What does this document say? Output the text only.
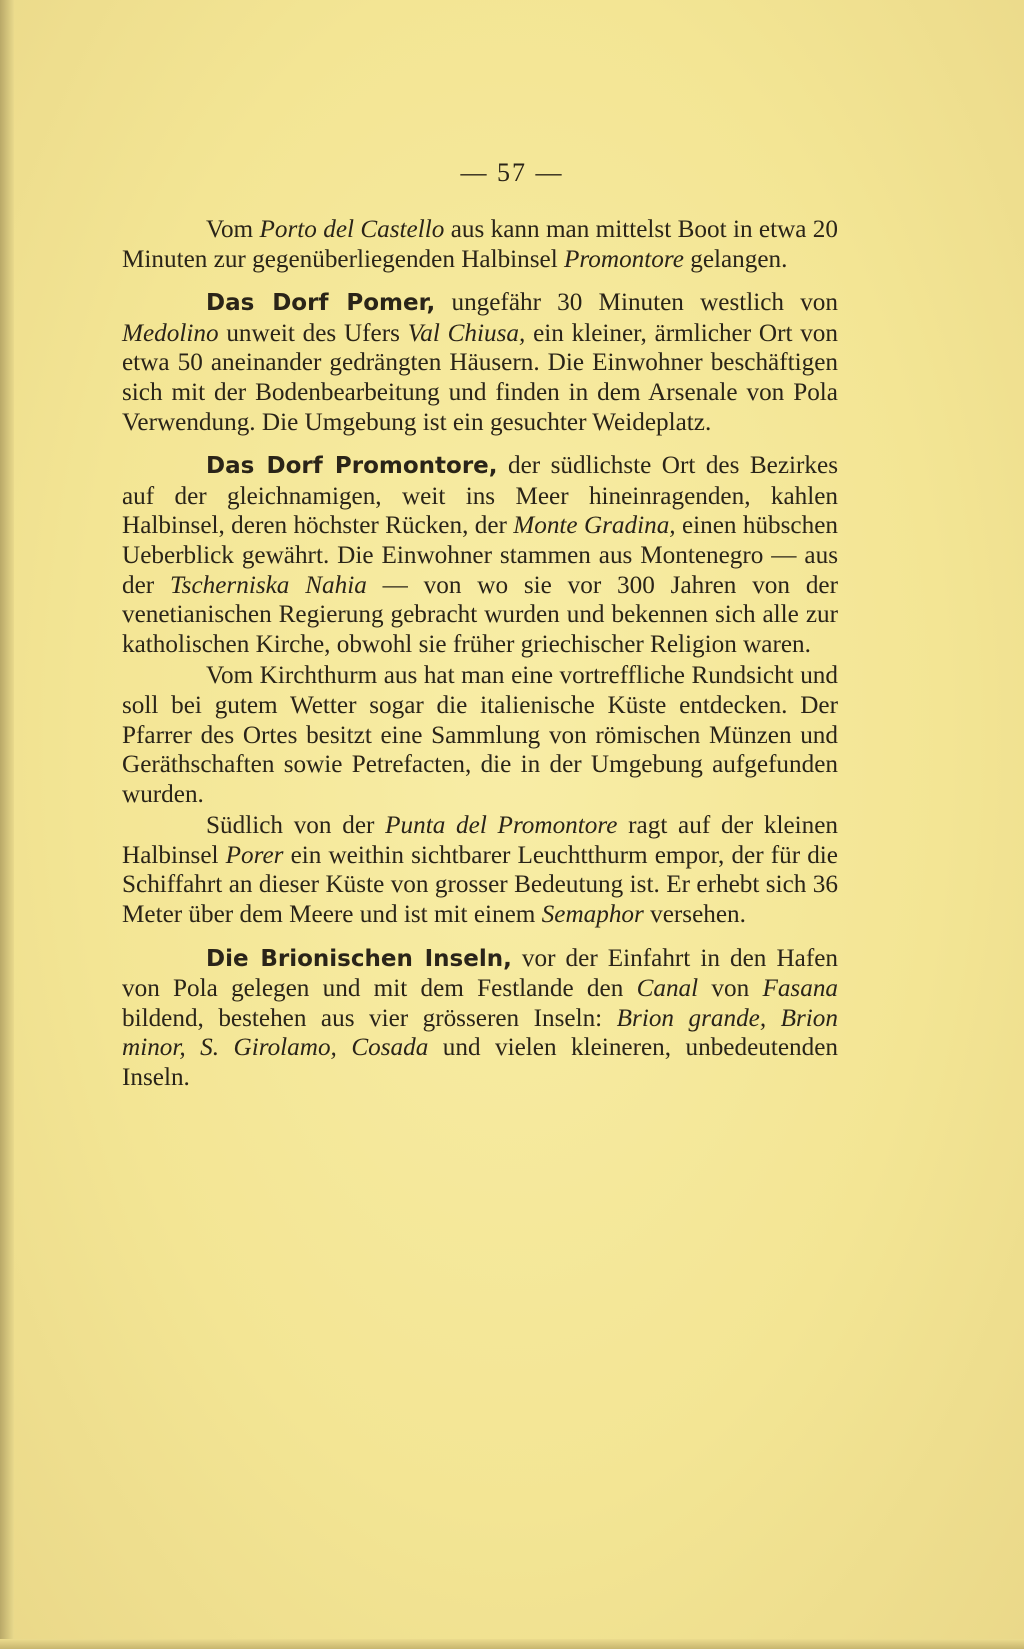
— 57 —

Vom Porto del Castello aus kann man mittelst Boot in etwa 20 Minuten zur gegenüberliegenden Halbinsel Promontore gelangen.

Das Dorf Pomer, ungefähr 30 Minuten westlich von Medolino unweit des Ufers Val Chiusa, ein kleiner, ärmlicher Ort von etwa 50 aneinander gedrängten Häusern. Die Einwohner beschäftigen sich mit der Bodenbearbeitung und finden in dem Arsenale von Pola Verwendung. Die Umgebung ist ein gesuchter Weideplatz.

Das Dorf Promontore, der südlichste Ort des Bezirkes auf der gleichnamigen, weit ins Meer hineinragenden, kahlen Halbinsel, deren höchster Rücken, der Monte Gradina, einen hübschen Ueberblick gewährt. Die Einwohner stammen aus Montenegro — aus der Tscherniska Nahia — von wo sie vor 300 Jahren von der venetianischen Regierung gebracht wurden und bekennen sich alle zur katholischen Kirche, obwohl sie früher griechischer Religion waren.

Vom Kirchthurm aus hat man eine vortreffliche Rundsicht und soll bei gutem Wetter sogar die italienische Küste entdecken. Der Pfarrer des Ortes besitzt eine Sammlung von römischen Münzen und Geräthschaften sowie Petrefacten, die in der Umgebung aufgefunden wurden.

Südlich von der Punta del Promontore ragt auf der kleinen Halbinsel Porer ein weithin sichtbarer Leuchtthurm empor, der für die Schiffahrt an dieser Küste von grosser Bedeutung ist. Er erhebt sich 36 Meter über dem Meere und ist mit einem Semaphor versehen.

Die Brionischen Inseln, vor der Einfahrt in den Hafen von Pola gelegen und mit dem Festlande den Canal von Fasana bildend, bestehen aus vier grösseren Inseln: Brion grande, Brion minor, S. Girolamo, Cosada und vielen kleineren, unbedeutenden Inseln.
